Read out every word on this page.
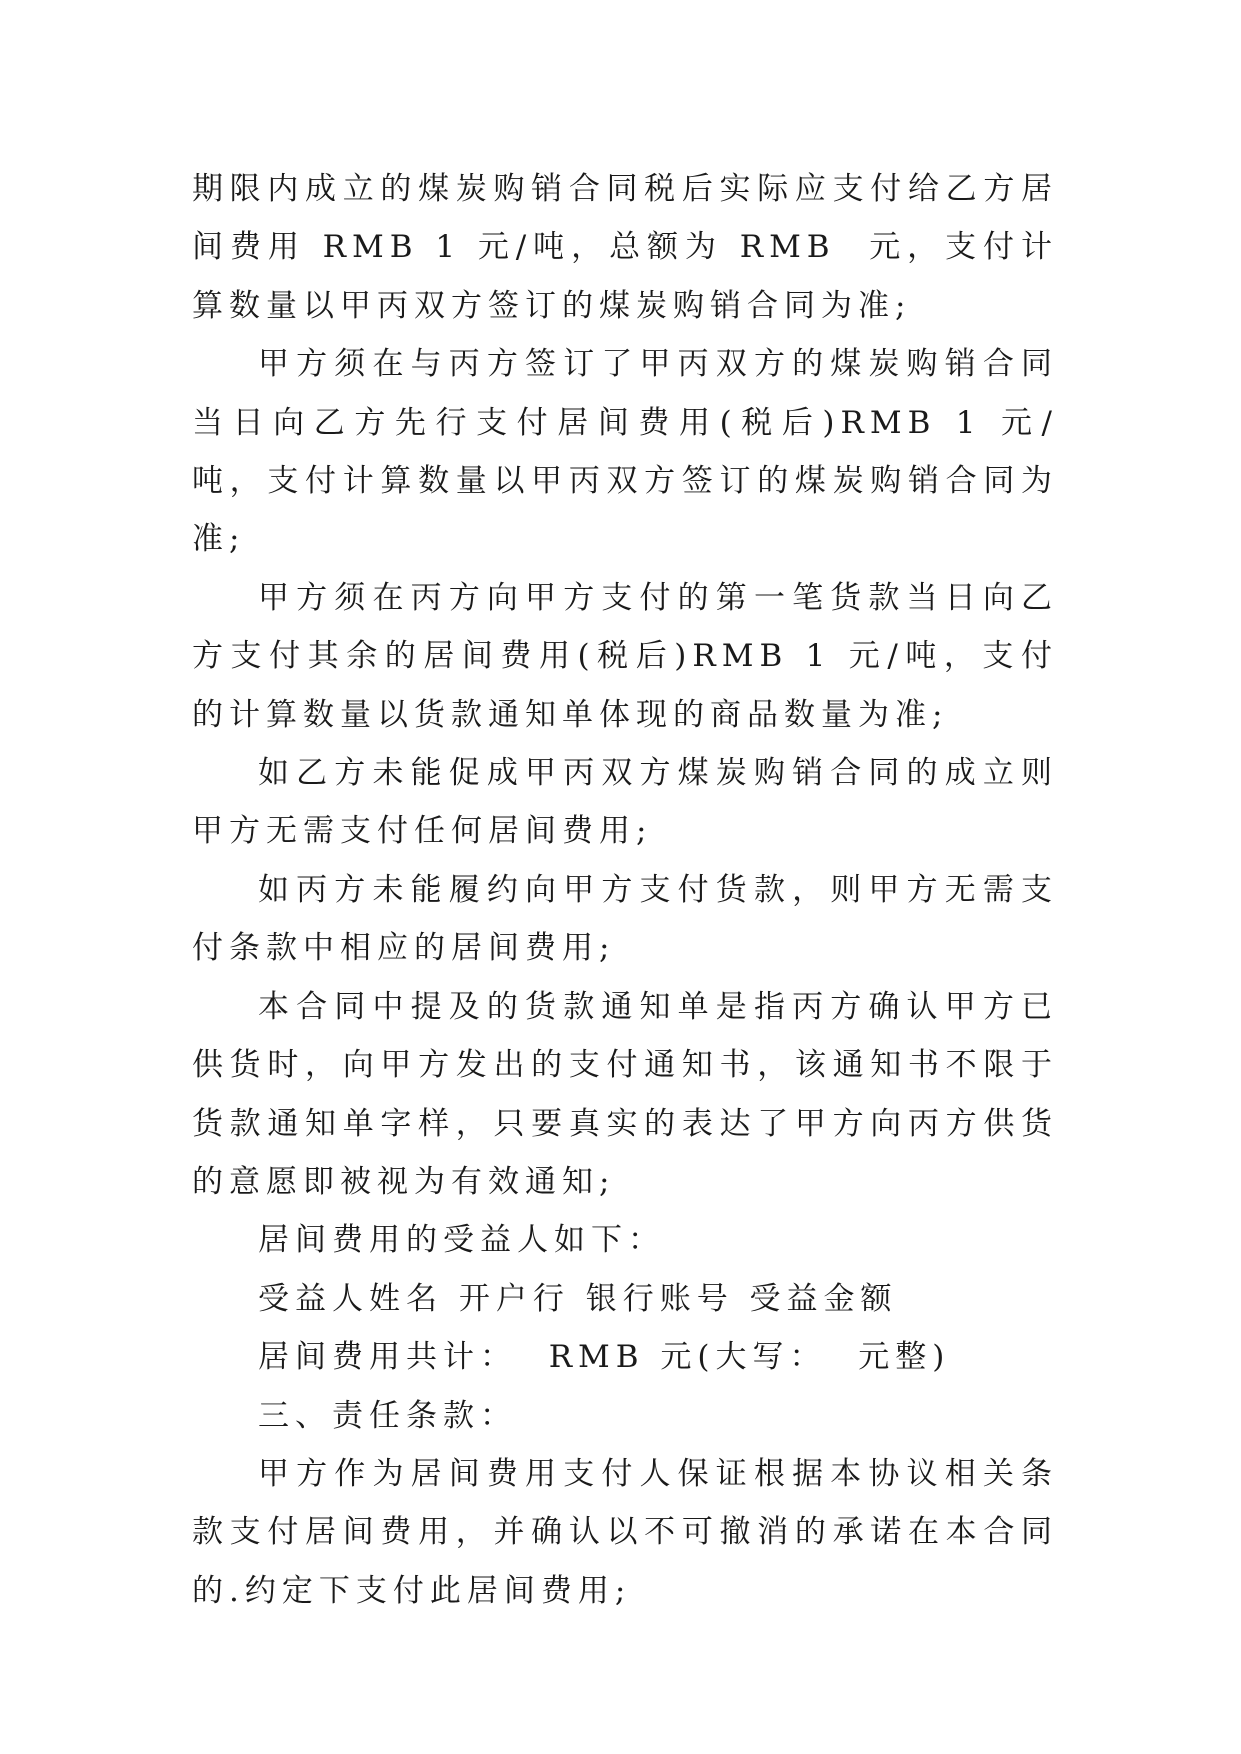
期限内成立的煤炭购销合同税后实际应支付给乙方居间费用 RMB 1 元/吨，总额为 RMB  元，支付计算数量以甲丙双方签订的煤炭购销合同为准;

甲方须在与丙方签订了甲丙双方的煤炭购销合同当日向乙方先行支付居间费用(税后)RMB 1 元/吨，支付计算数量以甲丙双方签订的煤炭购销合同为准;

甲方须在丙方向甲方支付的第一笔货款当日向乙方支付其余的居间费用(税后)RMB 1 元/吨，支付的计算数量以货款通知单体现的商品数量为准;

如乙方未能促成甲丙双方煤炭购销合同的成立则甲方无需支付任何居间费用;

如丙方未能履约向甲方支付货款，则甲方无需支付条款中相应的居间费用;

本合同中提及的货款通知单是指丙方确认甲方已供货时，向甲方发出的支付通知书，该通知书不限于货款通知单字样，只要真实的表达了甲方向丙方供货的意愿即被视为有效通知;

居间费用的受益人如下：

受益人姓名 开户行 银行账号 受益金额

居间费用共计：  RMB 元(大写：  元整)

三、责任条款：

甲方作为居间费用支付人保证根据本协议相关条款支付居间费用，并确认以不可撤消的承诺在本合同的.约定下支付此居间费用;
